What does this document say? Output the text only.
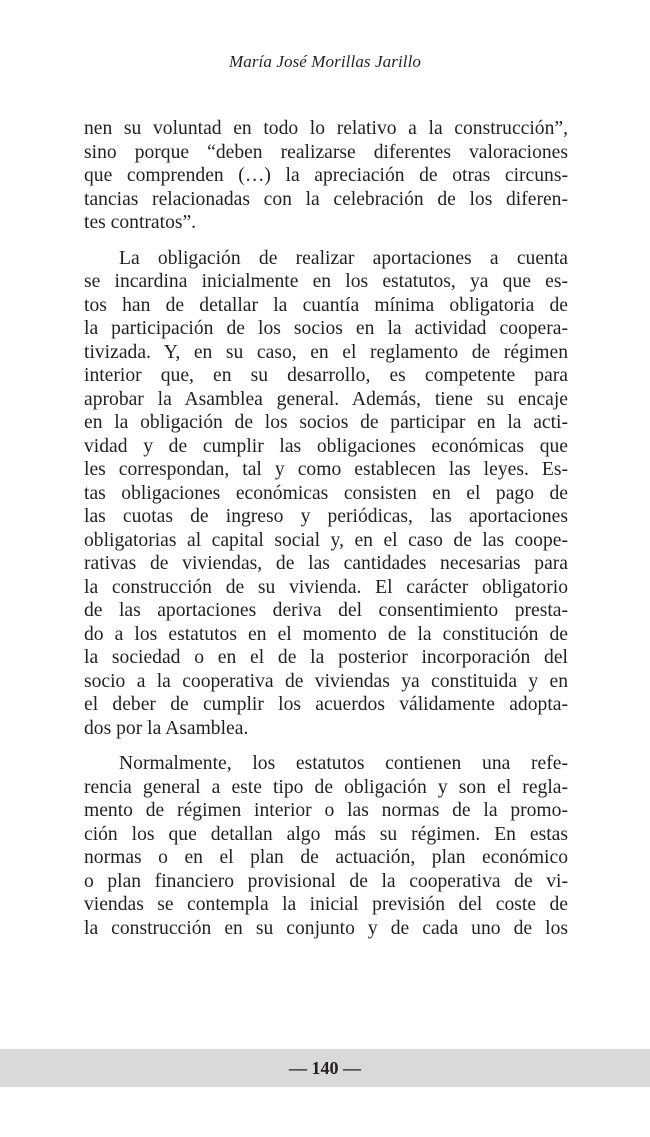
María José Morillas Jarillo
nen su voluntad en todo lo relativo a la construcción”,
sino porque “deben realizarse diferentes valoraciones
que comprenden (…) la apreciación de otras circuns-
tancias relacionadas con la celebración de los diferen-
tes contratos”.
La obligación de realizar aportaciones a cuenta
se incardina inicialmente en los estatutos, ya que es-
tos han de detallar la cuantía mínima obligatoria de
la participación de los socios en la actividad coopera-
tivizada. Y, en su caso, en el reglamento de régimen
interior que, en su desarrollo, es competente para
aprobar la Asamblea general. Además, tiene su encaje
en la obligación de los socios de participar en la acti-
vidad y de cumplir las obligaciones económicas que
les correspondan, tal y como establecen las leyes. Es-
tas obligaciones económicas consisten en el pago de
las cuotas de ingreso y periódicas, las aportaciones
obligatorias al capital social y, en el caso de las coope-
rativas de viviendas, de las cantidades necesarias para
la construcción de su vivienda. El carácter obligatorio
de las aportaciones deriva del consentimiento presta-
do a los estatutos en el momento de la constitución de
la sociedad o en el de la posterior incorporación del
socio a la cooperativa de viviendas ya constituida y en
el deber de cumplir los acuerdos válidamente adopta-
dos por la Asamblea.
Normalmente, los estatutos contienen una refe-
rencia general a este tipo de obligación y son el regla-
mento de régimen interior o las normas de la promo-
ción los que detallan algo más su régimen. En estas
normas o en el plan de actuación, plan económico
o plan financiero provisional de la cooperativa de vi-
viendas se contempla la inicial previsión del coste de
la construcción en su conjunto y de cada uno de los
— 140 —
